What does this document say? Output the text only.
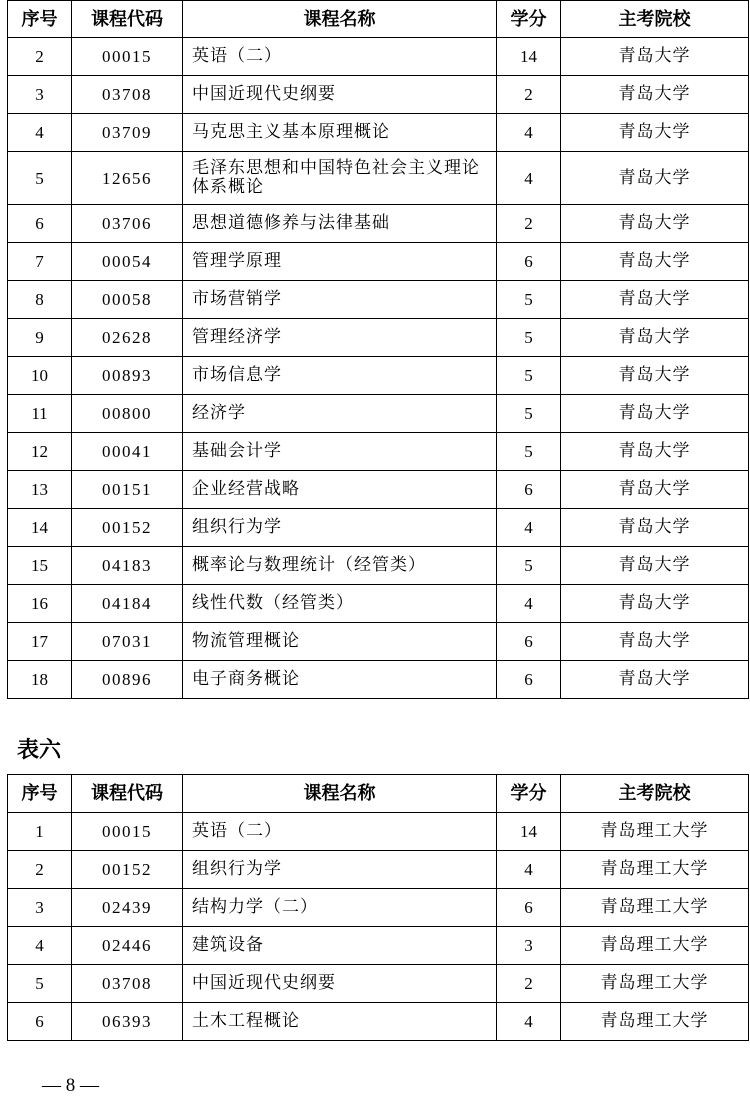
序号	课程代码	课程名称	学分	主考院校
2	00015	英语（二）	14	青岛大学
3	03708	中国近现代史纲要	2	青岛大学
4	03709	马克思主义基本原理概论	4	青岛大学
5	12656	毛泽东思想和中国特色社会主义理论体系概论	4	青岛大学
6	03706	思想道德修养与法律基础	2	青岛大学
7	00054	管理学原理	6	青岛大学
8	00058	市场营销学	5	青岛大学
9	02628	管理经济学	5	青岛大学
10	00893	市场信息学	5	青岛大学
11	00800	经济学	5	青岛大学
12	00041	基础会计学	5	青岛大学
13	00151	企业经营战略	6	青岛大学
14	00152	组织行为学	4	青岛大学
15	04183	概率论与数理统计（经管类）	5	青岛大学
16	04184	线性代数（经管类）	4	青岛大学
17	07031	物流管理概论	6	青岛大学
18	00896	电子商务概论	6	青岛大学
表六
序号	课程代码	课程名称	学分	主考院校
1	00015	英语（二）	14	青岛理工大学
2	00152	组织行为学	4	青岛理工大学
3	02439	结构力学（二）	6	青岛理工大学
4	02446	建筑设备	3	青岛理工大学
5	03708	中国近现代史纲要	2	青岛理工大学
6	06393	土木工程概论	4	青岛理工大学
— 8 —
